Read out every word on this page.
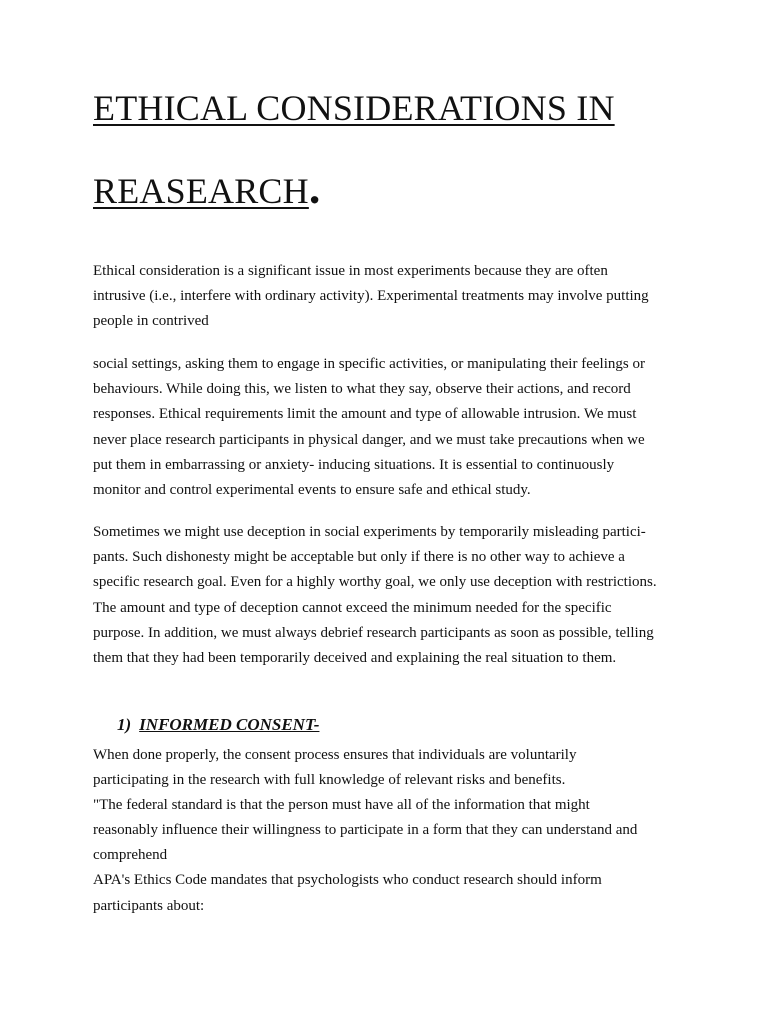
ETHICAL CONSIDERATIONS IN
REASEARCH.

Ethical consideration is a significant issue in most experiments because they are often
intrusive (i.e., interfere with ordinary activity). Experimental treatments may involve putting
people in contrived

social settings, asking them to engage in specific activities, or manipulating their feelings or
behaviours. While doing this, we listen to what they say, observe their actions, and record
responses. Ethical requirements limit the amount and type of allowable intrusion. We must
never place research participants in physical danger, and we must take precautions when we
put them in embarrassing or anxiety- inducing situations. It is essential to continuously
monitor and control experimental events to ensure safe and ethical study.

Sometimes we might use deception in social experiments by temporarily misleading partici-
pants. Such dishonesty might be acceptable but only if there is no other way to achieve a
specific research goal. Even for a highly worthy goal, we only use deception with restrictions.
The amount and type of deception cannot exceed the minimum needed for the specific
purpose. In addition, we must always debrief research participants as soon as possible, telling
them that they had been temporarily deceived and explaining the real situation to them.

1) INFORMED CONSENT-

When done properly, the consent process ensures that individuals are voluntarily
participating in the research with full knowledge of relevant risks and benefits.
"The federal standard is that the person must have all of the information that might
reasonably influence their willingness to participate in a form that they can understand and
comprehend
APA's Ethics Code mandates that psychologists who conduct research should inform
participants about:
